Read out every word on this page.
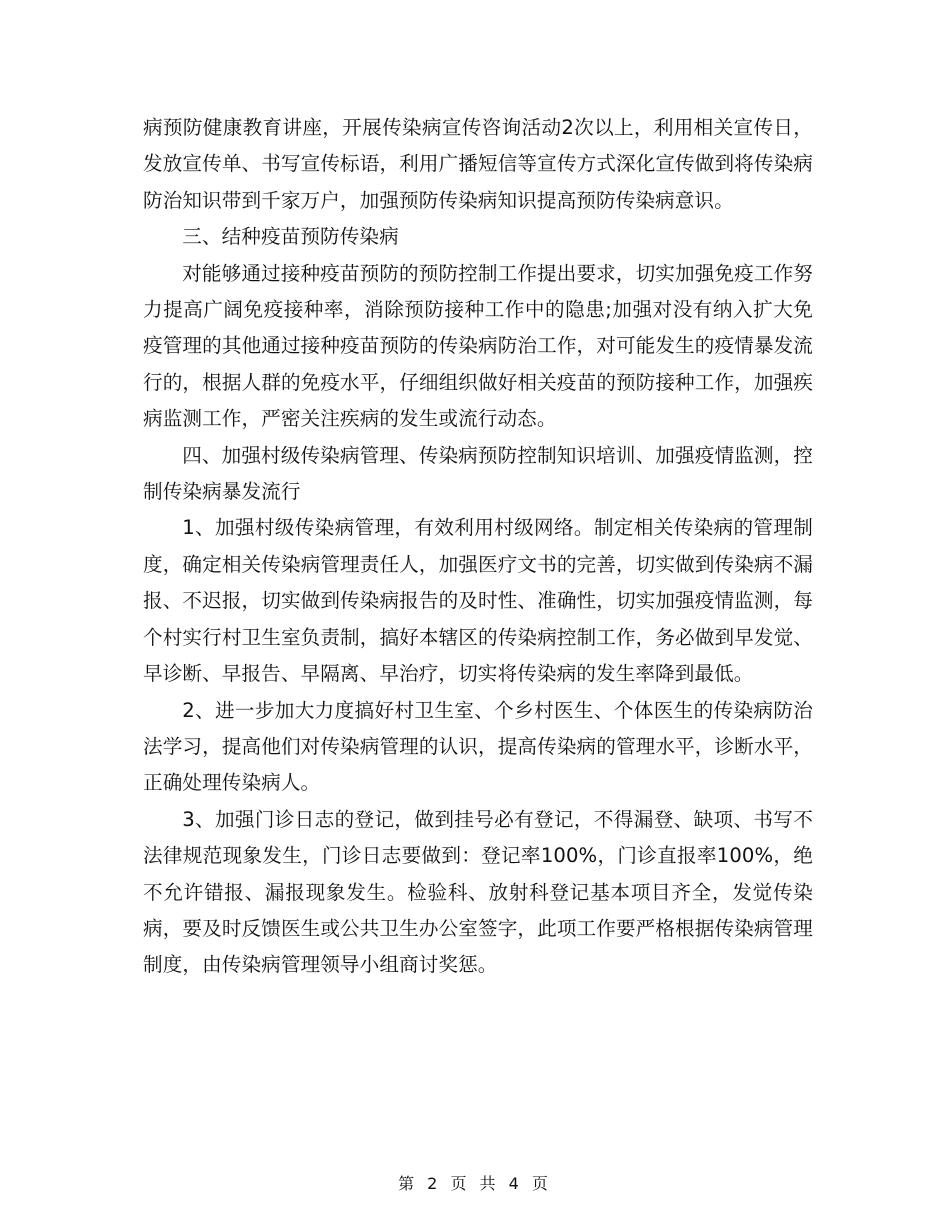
病预防健康教育讲座，开展传染病宣传咨询活动2次以上，利用相关宣传日，发放宣传单、书写宣传标语，利用广播短信等宣传方式深化宣传做到将传染病防治知识带到千家万户，加强预防传染病知识提高预防传染病意识。

三、结种疫苗预防传染病

对能够通过接种疫苗预防的预防控制工作提出要求，切实加强免疫工作努力提高广阔免疫接种率，消除预防接种工作中的隐患;加强对没有纳入扩大免疫管理的其他通过接种疫苗预防的传染病防治工作，对可能发生的疫情暴发流行的，根据人群的免疫水平，仔细组织做好相关疫苗的预防接种工作，加强疾病监测工作，严密关注疾病的发生或流行动态。

四、加强村级传染病管理、传染病预防控制知识培训、加强疫情监测，控制传染病暴发流行

1、加强村级传染病管理，有效利用村级网络。制定相关传染病的管理制度，确定相关传染病管理责任人，加强医疗文书的完善，切实做到传染病不漏报、不迟报，切实做到传染病报告的及时性、准确性，切实加强疫情监测，每个村实行村卫生室负责制，搞好本辖区的传染病控制工作，务必做到早发觉、早诊断、早报告、早隔离、早治疗，切实将传染病的发生率降到最低。

2、进一步加大力度搞好村卫生室、个乡村医生、个体医生的传染病防治法学习，提高他们对传染病管理的认识，提高传染病的管理水平，诊断水平，正确处理传染病人。

3、加强门诊日志的登记，做到挂号必有登记，不得漏登、缺项、书写不法律规范现象发生，门诊日志要做到：登记率100%，门诊直报率100%，绝不允许错报、漏报现象发生。检验科、放射科登记基本项目齐全，发觉传染病，要及时反馈医生或公共卫生办公室签字，此项工作要严格根据传染病管理制度，由传染病管理领导小组商讨奖惩。

第 2 页 共 4 页
